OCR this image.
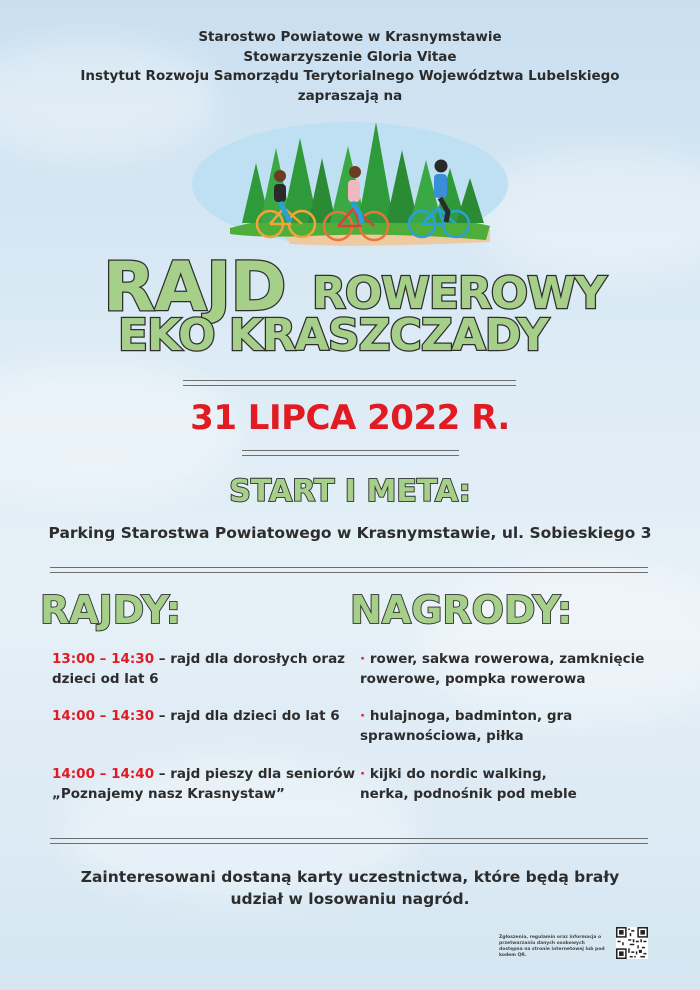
Starostwo Powiatowe w Krasnymstawie
Stowarzyszenie Gloria Vitae
Instytut Rozwoju Samorządu Terytorialnego Województwa Lubelskiego
zapraszają na
RAJD ROWEROWY
EKO KRASZCZADY
31 LIPCA 2022 R.
START I META:
Parking Starostwa Powiatowego w Krasnymstawie, ul. Sobieskiego 3
RAJDY:	NAGRODY:
13:00 – 14:30 – rajd dla dorosłych oraz dzieci od lat 6
14:00 – 14:30 – rajd dla dzieci do lat 6
14:00 – 14:40 – rajd pieszy dla seniorów „Poznajemy nasz Krasnystaw”
· rower, sakwa rowerowa, zamknięcie rowerowe, pompka rowerowa
· hulajnoga, badminton, gra sprawnościowa, piłka
· kijki do nordic walking, nerka, podnośnik pod meble
Zainteresowani dostaną karty uczestnictwa, które będą brały udział w losowaniu nagród.
Zgłoszenia, regulamin oraz informacja o przetwarzaniu danych osobowych dostępna na stronie internetowej lub pod kodem QR.
